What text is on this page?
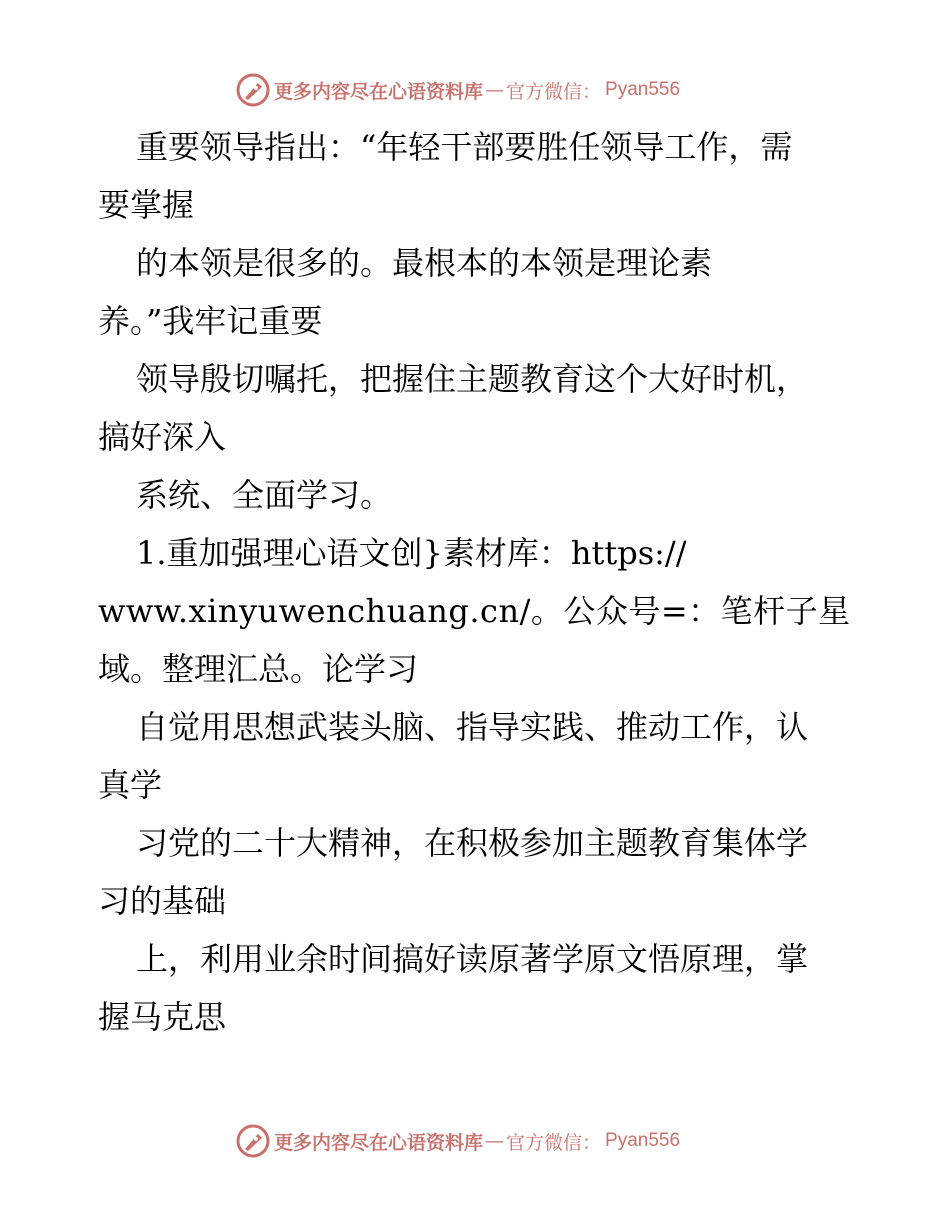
更多内容尽在心语资料库 — 官方微信： Pyan556
重要领导指出：“年轻干部要胜任领导工作，需
要掌握
的本领是很多的。最根本的本领是理论素
养。”我牢记重要
领导殷切嘱托，把握住主题教育这个大好时机，
搞好深入
系统、全面学习。
1.重加强理心语文创}素材库：https://
www.xinyuwenchuang.cn/。公众号=：笔杆子星
域。整理汇总。论学习
自觉用思想武装头脑、指导实践、推动工作，认
真学
习党的二十大精神，在积极参加主题教育集体学
习的基础
上，利用业余时间搞好读原著学原文悟原理，掌
握马克思
更多内容尽在心语资料库 — 官方微信： Pyan556
